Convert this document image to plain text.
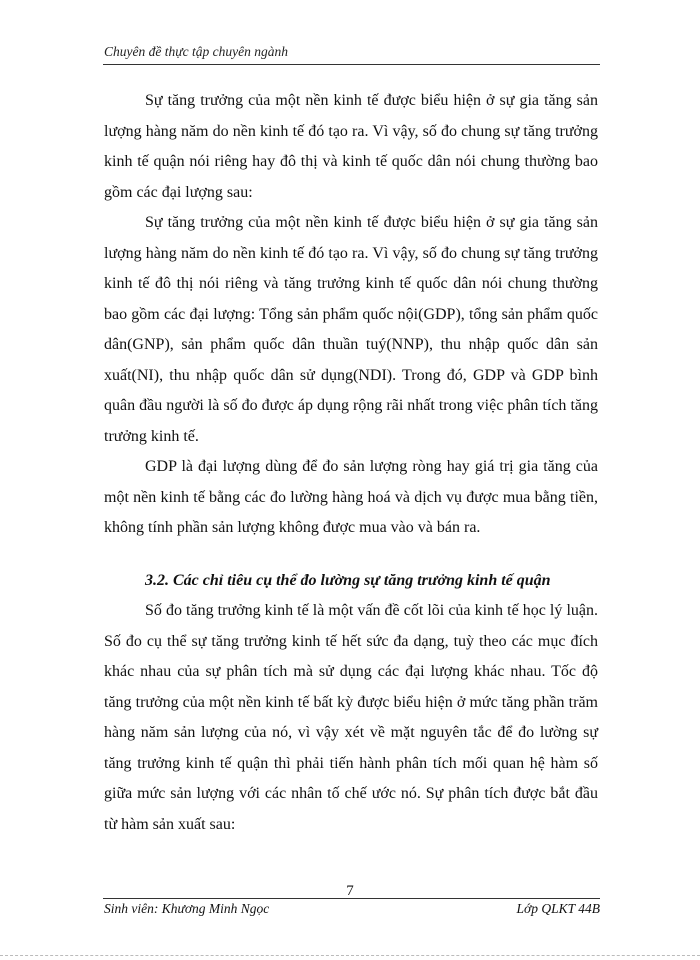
Chuyên đề thực tập chuyên ngành

Sự tăng trưởng của một nền kinh tế được biểu hiện ở sự gia tăng sản lượng hàng năm do nền kinh tế đó tạo ra. Vì vậy, số đo chung sự tăng trưởng kinh tế quận nói riêng hay đô thị và kinh tế quốc dân nói chung thường bao gồm các đại lượng sau:

Sự tăng trưởng của một nền kinh tế được biểu hiện ở sự gia tăng sản lượng hàng năm do nền kinh tế đó tạo ra. Vì vậy, số đo chung sự tăng trưởng kinh tế đô thị nói riêng và tăng trưởng kinh tế quốc dân nói chung thường bao gồm các đại lượng: Tổng sản phẩm quốc nội(GDP), tổng sản phẩm quốc dân(GNP), sản phẩm quốc dân thuần tuý(NNP), thu nhập quốc dân sản xuất(NI), thu nhập quốc dân sử dụng(NDI). Trong đó, GDP và GDP bình quân đầu người là số đo được áp dụng rộng rãi nhất trong việc phân tích tăng trưởng kinh tế.

GDP là đại lượng dùng để đo sản lượng ròng hay giá trị gia tăng của một nền kinh tế bằng các đo lường hàng hoá và dịch vụ được mua bằng tiền, không tính phần sản lượng không được mua vào và bán ra.

3.2. Các chỉ tiêu cụ thể đo lường sự tăng trưởng kinh tế quận

Số đo tăng trưởng kinh tế là một vấn đề cốt lõi của kinh tế học lý luận. Số đo cụ thể sự tăng trưởng kinh tế hết sức đa dạng, tuỳ theo các mục đích khác nhau của sự phân tích mà sử dụng các đại lượng khác nhau. Tốc độ tăng trưởng của một nền kinh tế bất kỳ được biểu hiện ở mức tăng phần trăm hàng năm sản lượng của nó, vì vậy xét về mặt nguyên tắc để đo lường sự tăng trưởng kinh tế quận thì phải tiến hành phân tích mối quan hệ hàm số giữa mức sản lượng với các nhân tố chế ước nó. Sự phân tích được bắt đầu từ hàm sản xuất sau:

7
Sinh viên: Khương Minh Ngọc	Lớp QLKT 44B
